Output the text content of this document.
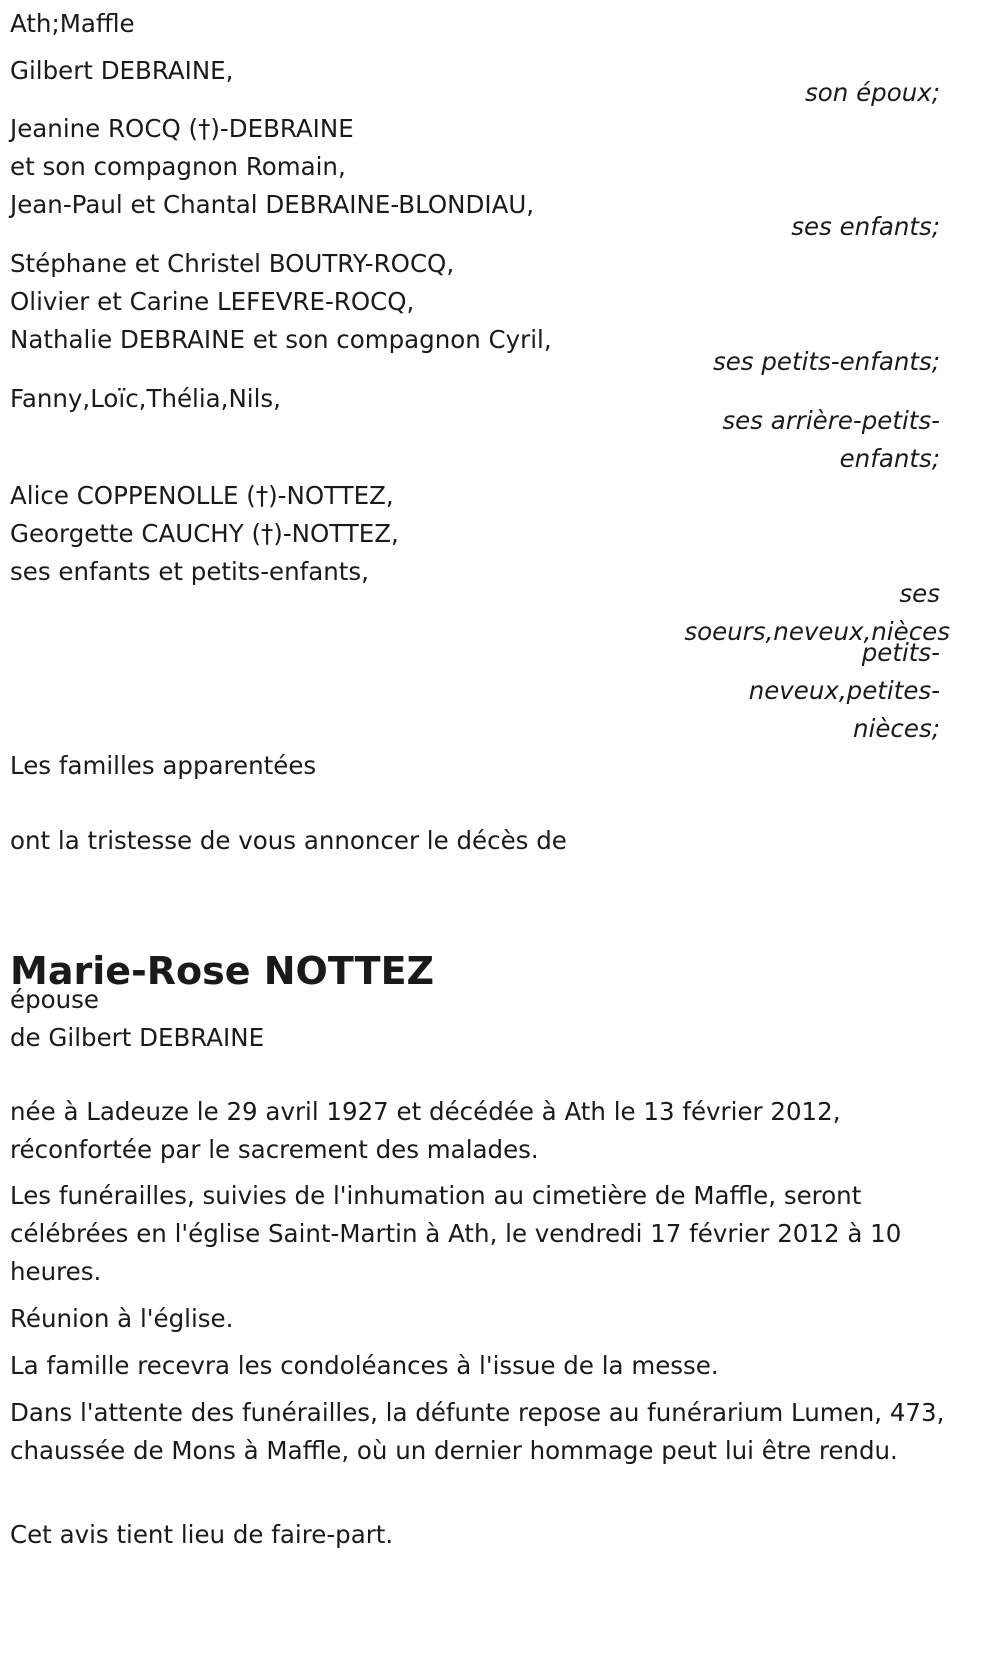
Ath;Maffle
Gilbert DEBRAINE,
son époux;
Jeanine ROCQ (†)-DEBRAINE
et son compagnon Romain,
Jean-Paul et Chantal DEBRAINE-BLONDIAU,
ses enfants;
Stéphane et Christel BOUTRY-ROCQ,
Olivier et Carine LEFEVRE-ROCQ,
Nathalie DEBRAINE et son compagnon Cyril,
ses petits-enfants;
Fanny,Loïc,Thélia,Nils,
ses arrière-petits-
enfants;
Alice COPPENOLLE (†)-NOTTEZ,
Georgette CAUCHY (†)-NOTTEZ,
ses enfants et petits-enfants,
ses
soeurs,neveux,nièces
petits-
neveux,petites-
nièces;
Les familles apparentées
ont la tristesse de vous annoncer le décès de
Marie-Rose NOTTEZ
épouse
de Gilbert DEBRAINE
née à Ladeuze le 29 avril 1927 et décédée à Ath le 13 février 2012, réconfortée par le sacrement des malades.
Les funérailles, suivies de l'inhumation au cimetière de Maffle, seront célébrées en l'église Saint-Martin à Ath, le vendredi 17 février 2012 à 10 heures.
Réunion à l'église.
La famille recevra les condoléances à l'issue de la messe.
Dans l'attente des funérailles, la défunte repose au funérarium Lumen, 473, chaussée de Mons à Maffle, où un dernier hommage peut lui être rendu.
Cet avis tient lieu de faire-part.
